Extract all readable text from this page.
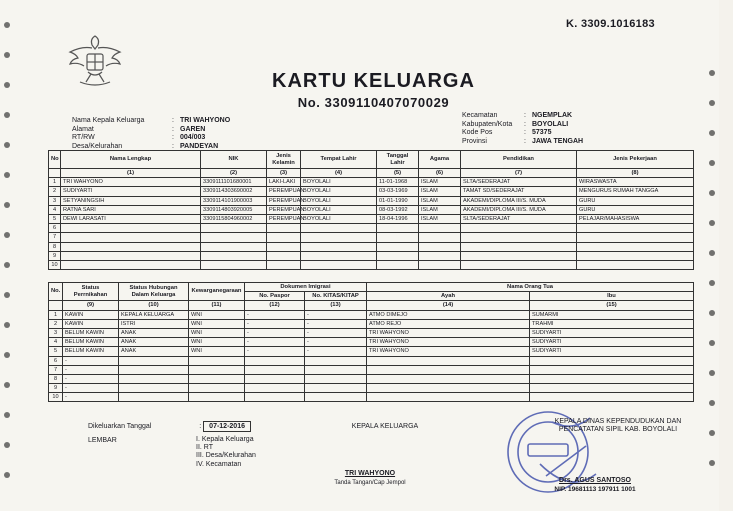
K. 3309.1016183
KARTU KELUARGA
No. 3309110407070029
Nama Kepala Keluarga	: TRI WAHYONO
Alamat	: GAREN
RT/RW	: 004/003
Desa/Kelurahan	: PANDEYAN
Kecamatan	: NGEMPLAK
Kabupaten/Kota	: BOYOLALI
Kode Pos	: 57375
Provinsi	: JAWA TENGAH
No	Nama Lengkap	NIK	Jenis Kelamin	Tempat Lahir	Tanggal Lahir	Agama	Pendidikan	Jenis Pekerjaan
	(1)	(2)	(3)	(4)	(5)	(6)	(7)	(8)
1	TRI WAHYONO	3309111101680001	LAKI-LAKI	BOYOLALI	11-01-1968	ISLAM	SLTA/SEDERAJAT	WIRASWASTA
2	SUDIYARTI	3309114303690002	PEREMPUAN	BOYOLALI	03-03-1969	ISLAM	TAMAT SD/SEDERAJAT	MENGURUS RUMAH TANGGA
3	SETYANINGSIH	3309114101900003	PEREMPUAN	BOYOLALI	01-01-1990	ISLAM	AKADEMI/DIPLOMA III/S. MUDA	GURU
4	RATNA SARI	3309114803920005	PEREMPUAN	BOYOLALI	08-03-1992	ISLAM	AKADEMI/DIPLOMA III/S. MUDA	GURU
5	DEWI LARASATI	3309115804960002	PEREMPUAN	BOYOLALI	18-04-1996	ISLAM	SLTA/SEDERAJAT	PELAJAR/MAHASISWA
6								
7								
8								
9								
10								
No.	Status Perrnikahan	Status Hubungan Dalam Keluarga	Kewarganegaraan	Dokumen Imigrasi		Nama Orang Tua	
				No. Paspor	No. KITAS/KITAP	Ayah	Ibu
	(9)	(10)	(11)	(12)	(13)	(14)	(15)
1	KAWIN	KEPALA KELUARGA	WNI	-	-	ATMO DIMEJO	SUMARMI
2	KAWIN	ISTRI	WNI	-	-	ATMO REJO	TRAHMI
3	BELUM KAWIN	ANAK	WNI	-	-	TRI WAHYONO	SUDIYARTI
4	BELUM KAWIN	ANAK	WNI	-	-	TRI WAHYONO	SUDIYARTI
5	BELUM KAWIN	ANAK	WNI	-	-	TRI WAHYONO	SUDIYARTI
6	-						
7	-						
8	-						
9	-						
10	-						
Dikeluarkan Tanggal	: 07-12-2016
LEMBAR	I. Kepala Keluarga
II. RT
III. Desa/Kelurahan
IV. Kecamatan
KEPALA KELUARGA
TRI WAHYONO
Tanda Tangan/Cap Jempol
KEPALA DINAS KEPENDUDUKAN DAN
PENCATATAN SIPIL KAB. BOYOLALI
Drs. AGUS SANTOSO
NIP. 19681113 197911 1001
